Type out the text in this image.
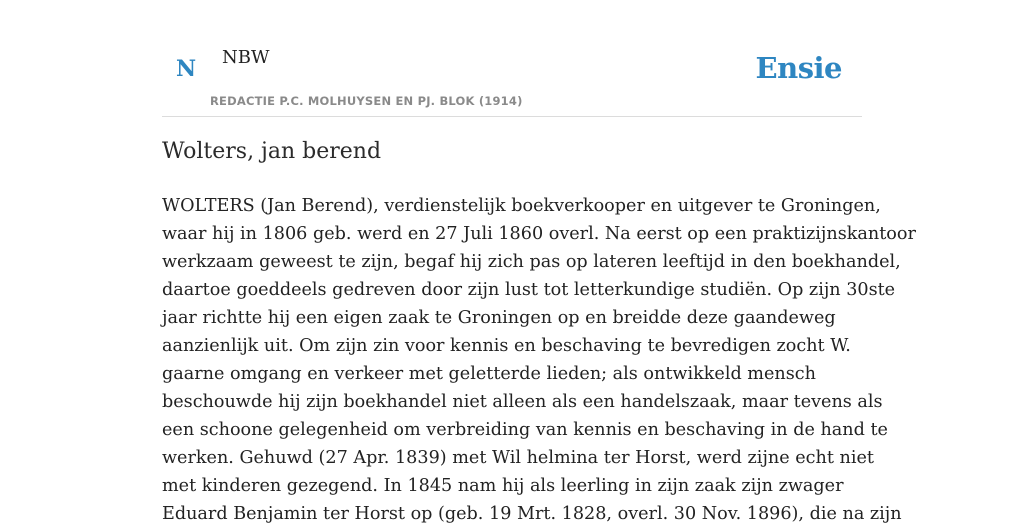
N NBW
REDACTIE P.C. MOLHUYSEN EN PJ. BLOK (1914)
Ensie
Wolters, jan berend
WOLTERS (Jan Berend), verdienstelijk boekverkooper en uitgever te Groningen,
waar hij in 1806 geb. werd en 27 Juli 1860 overl. Na eerst op een praktizijnskantoor
werkzaam geweest te zijn, begaf hij zich pas op lateren leeftijd in den boekhandel,
daartoe goeddeels gedreven door zijn lust tot letterkundige studiën. Op zijn 30ste
jaar richtte hij een eigen zaak te Groningen op en breidde deze gaandeweg
aanzienlijk uit. Om zijn zin voor kennis en beschaving te bevredigen zocht W.
gaarne omgang en verkeer met geletterde lieden; als ontwikkeld mensch
beschouwde hij zijn boekhandel niet alleen als een handelszaak, maar tevens als
een schoone gelegenheid om verbreiding van kennis en beschaving in de hand te
werken. Gehuwd (27 Apr. 1839) met Wil helmina ter Horst, werd zijne echt niet
met kinderen gezegend. In 1845 nam hij als leerling in zijn zaak zijn zwager
Eduard Benjamin ter Horst op (geb. 19 Mrt. 1828, overl. 30 Nov. 1896), die na zijn
